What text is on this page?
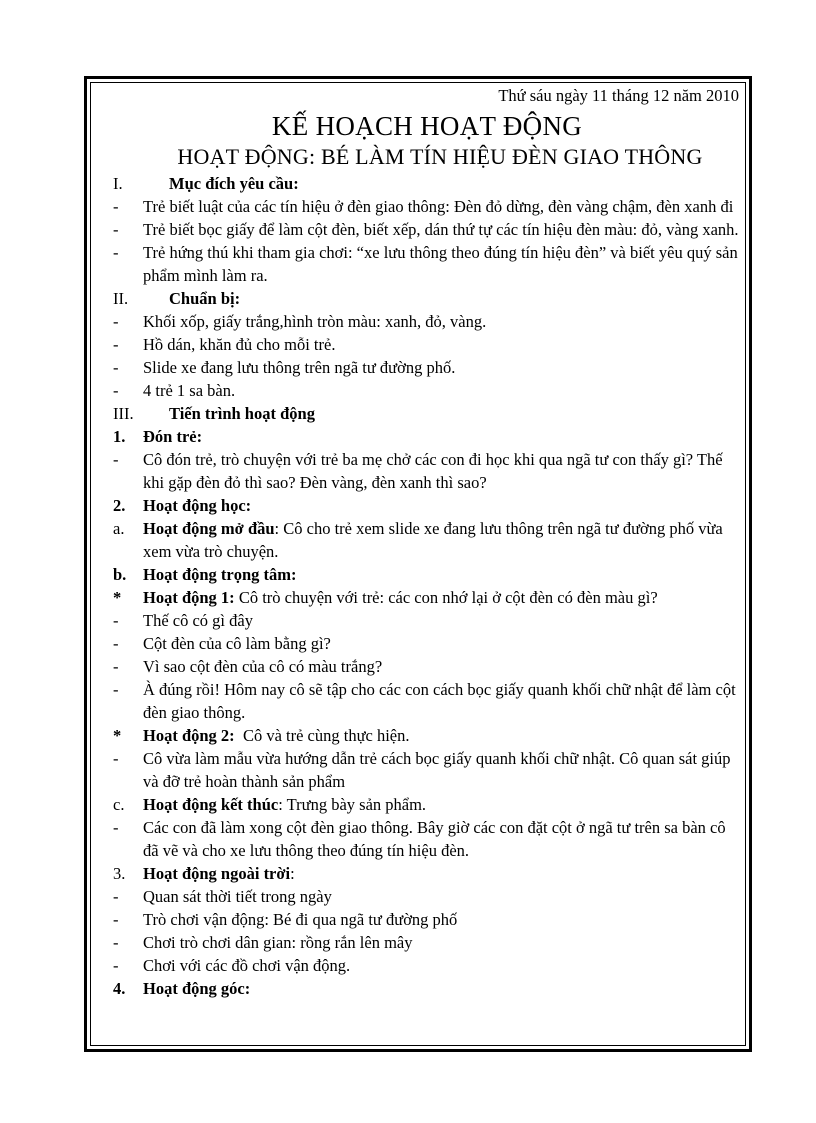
Thứ sáu ngày 11 tháng 12 năm 2010
KẾ HOẠCH HOẠT ĐỘNG
HOẠT ĐỘNG: BÉ LÀM TÍN HIỆU ĐÈN GIAO THÔNG
I.	Mục đích yêu cầu:
-	Trẻ biết luật của các tín hiệu ở đèn giao thông: Đèn đỏ dừng, đèn vàng chậm, đèn xanh đi
-	Trẻ biết bọc giấy để làm cột đèn, biết xếp, dán thứ tự các tín hiệu đèn màu: đỏ, vàng xanh.
-	Trẻ hứng thú khi tham gia chơi: “xe lưu thông theo đúng tín hiệu đèn” và biết yêu quý sản phẩm mình làm ra.
II.	Chuẩn bị:
-	Khối xốp, giấy trắng,hình tròn màu: xanh, đỏ, vàng.
-	Hồ dán, khăn đủ cho mỗi trẻ.
-	Slide xe đang lưu thông trên ngã tư đường phố.
-	4 trẻ 1 sa bàn.
III.	Tiến trình hoạt động
1.	Đón trẻ:
-	Cô đón trẻ, trò chuyện với trẻ ba mẹ chở các con đi học khi qua ngã tư con thấy gì? Thế khi gặp đèn đỏ thì sao? Đèn vàng, đèn xanh thì sao?
2.	Hoạt động học:
a.	Hoạt động mở đầu: Cô cho trẻ xem slide xe đang lưu thông trên ngã tư đường phố vừa xem vừa trò chuyện.
b.	Hoạt động trọng tâm:
*	Hoạt động 1: Cô trò chuyện với trẻ: các con nhớ lại ở cột đèn có đèn màu gì?
-	Thế cô có gì đây
-	Cột đèn của cô làm bằng gì?
-	Vì sao cột đèn của cô có màu trắng?
-	À đúng rồi! Hôm nay cô sẽ tập cho các con cách bọc giấy quanh khối chữ nhật để làm cột đèn giao thông.
*	Hoạt động 2:  Cô và trẻ cùng thực hiện.
-	Cô vừa làm mẫu vừa hướng dẫn trẻ cách bọc giấy quanh khối chữ nhật. Cô quan sát giúp và đỡ trẻ hoàn thành sản phẩm
c.	Hoạt động kết thúc: Trưng bày sản phẩm.
-	Các con đã làm xong cột đèn giao thông. Bây giờ các con đặt cột ở ngã tư trên sa bàn cô đã vẽ và cho xe lưu thông theo đúng tín hiệu đèn.
3.	Hoạt động ngoài trời:
-	Quan sát thời tiết trong ngày
-	Trò chơi vận động: Bé đi qua ngã tư đường phố
-	Chơi trò chơi dân gian: rồng rắn lên mây
-	Chơi với các đồ chơi vận động.
4.	Hoạt động góc:
